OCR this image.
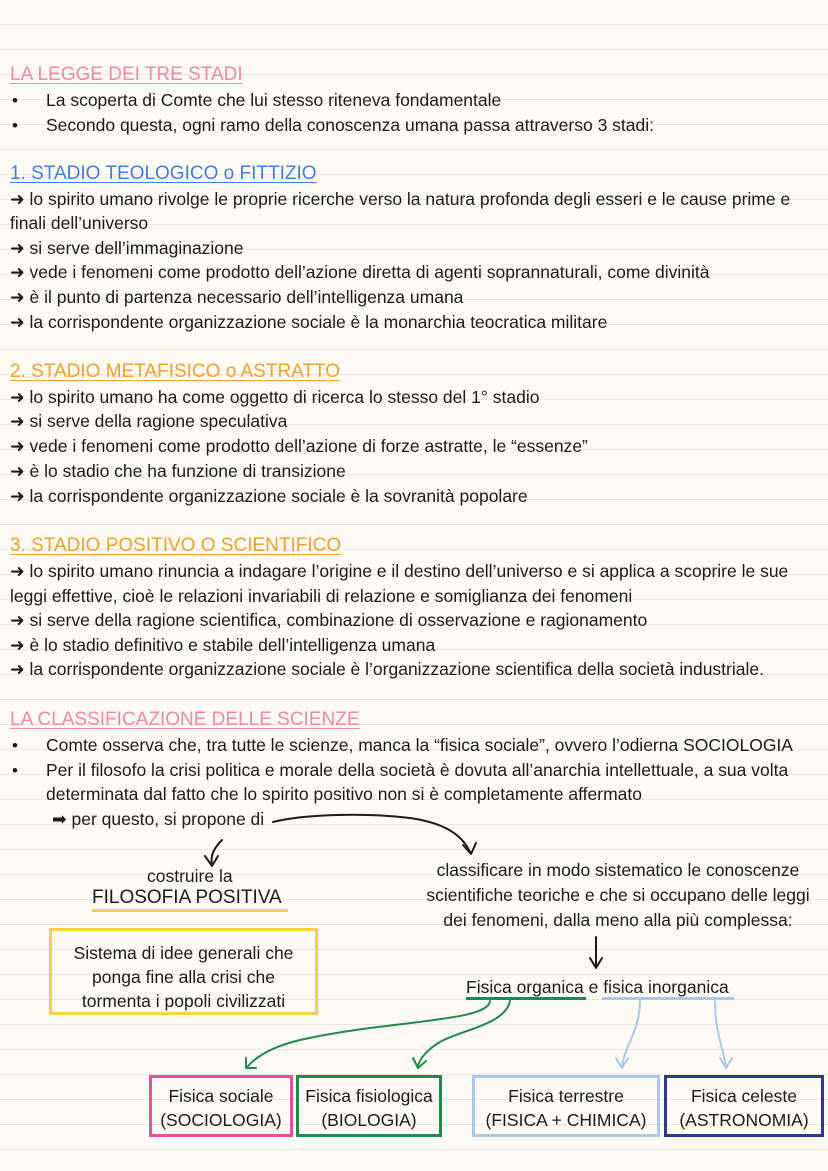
LA LEGGE DEI TRE STADI
• La scoperta di Comte che lui stesso riteneva fondamentale
• Secondo questa, ogni ramo della conoscenza umana passa attraverso 3 stadi:
1. STADIO TEOLOGICO o FITTIZIO
➜ lo spirito umano rivolge le proprie ricerche verso la natura profonda degli esseri e le cause prime e
finali dell’universo
➜ si serve dell’immaginazione
➜ vede i fenomeni come prodotto dell’azione diretta di agenti soprannaturali, come divinità
➜ è il punto di partenza necessario dell’intelligenza umana
➜ la corrispondente organizzazione sociale è la monarchia teocratica militare
2. STADIO METAFISICO o ASTRATTO
➜ lo spirito umano ha come oggetto di ricerca lo stesso del 1° stadio
➜ si serve della ragione speculativa
➜ vede i fenomeni come prodotto dell’azione di forze astratte, le “essenze”
➜ è lo stadio che ha funzione di transizione
➜ la corrispondente organizzazione sociale è la sovranità popolare
3. STADIO POSITIVO O SCIENTIFICO
➜ lo spirito umano rinuncia a indagare l’origine e il destino dell’universo e si applica a scoprire le sue
leggi effettive, cioè le relazioni invariabili di relazione e somiglianza dei fenomeni
➜ si serve della ragione scientifica, combinazione di osservazione e ragionamento
➜ è lo stadio definitivo e stabile dell’intelligenza umana
➜ la corrispondente organizzazione sociale è l’organizzazione scientifica della società industriale.
LA CLASSIFICAZIONE DELLE SCIENZE
• Comte osserva che, tra tutte le scienze, manca la “fisica sociale”, ovvero l’odierna SOCIOLOGIA
• Per il filosofo la crisi politica e morale della società è dovuta all’anarchia intellettuale, a sua volta
determinata dal fatto che lo spirito positivo non si è completamente affermato
➡ per questo, si propone di
costruire la
FILOSOFIA POSITIVA
Sistema di idee generali che
ponga fine alla crisi che
tormenta i popoli civilizzati
classificare in modo sistematico le conoscenze
scientifiche teoriche e che si occupano delle leggi
dei fenomeni, dalla meno alla più complessa:
Fisica organica e fisica inorganica
Fisica sociale
(SOCIOLOGIA)
Fisica fisiologica
(BIOLOGIA)
Fisica terrestre
(FISICA + CHIMICA)
Fisica celeste
(ASTRONOMIA)
